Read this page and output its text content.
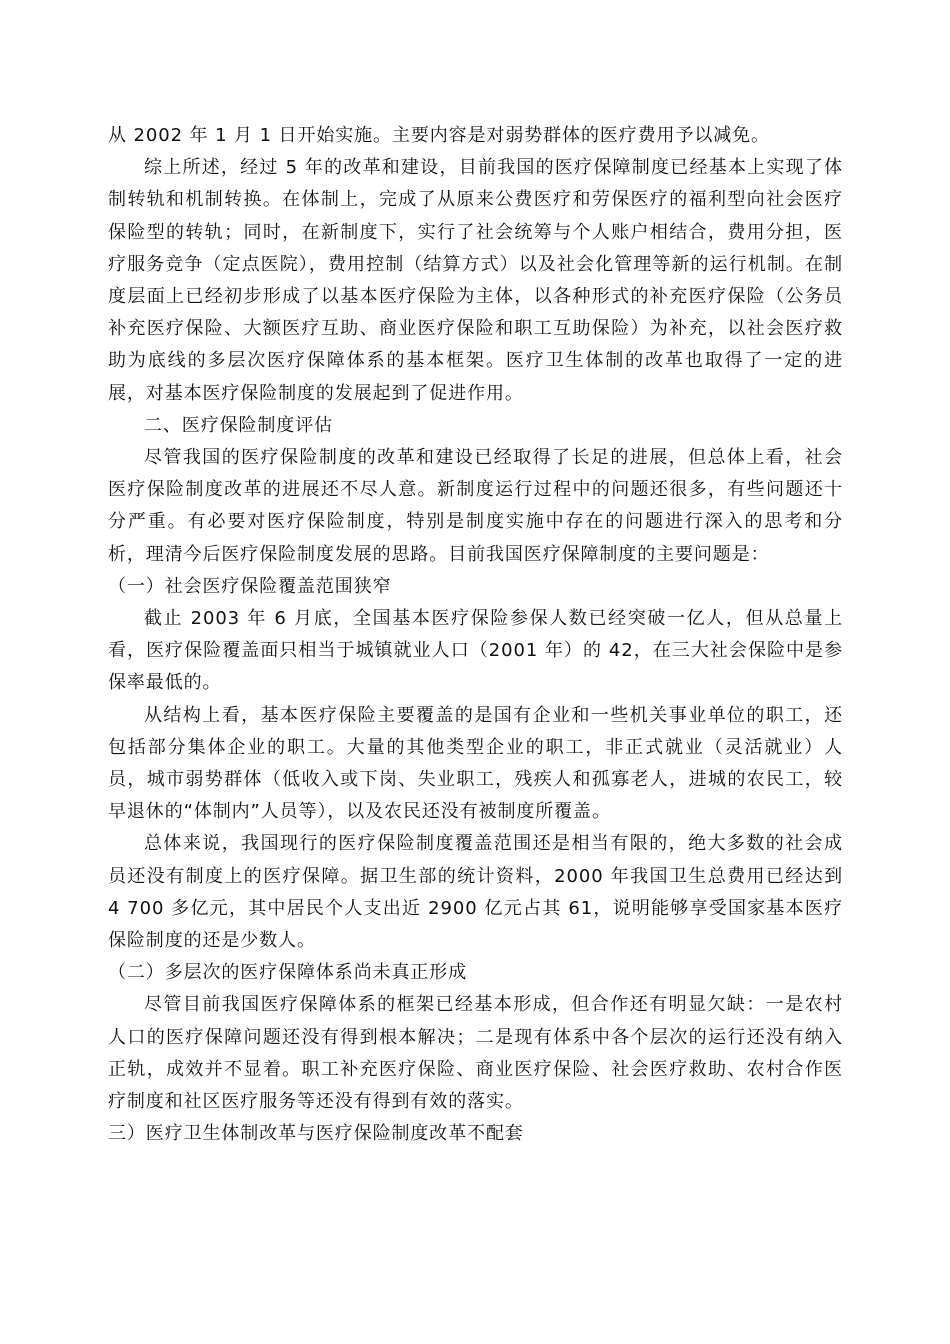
从 2002 年 1 月 1 日开始实施。主要内容是对弱势群体的医疗费用予以减免。

综上所述，经过 5 年的改革和建设，目前我国的医疗保障制度已经基本上实现了体制转轨和机制转换。在体制上，完成了从原来公费医疗和劳保医疗的福利型向社会医疗保险型的转轨；同时，在新制度下，实行了社会统筹与个人账户相结合，费用分担，医疗服务竞争（定点医院），费用控制（结算方式）以及社会化管理等新的运行机制。在制度层面上已经初步形成了以基本医疗保险为主体，以各种形式的补充医疗保险（公务员补充医疗保险、大额医疗互助、商业医疗保险和职工互助保险）为补充，以社会医疗救助为底线的多层次医疗保障体系的基本框架。医疗卫生体制的改革也取得了一定的进展，对基本医疗保险制度的发展起到了促进作用。

二、医疗保险制度评估

尽管我国的医疗保险制度的改革和建设已经取得了长足的进展，但总体上看，社会医疗保险制度改革的进展还不尽人意。新制度运行过程中的问题还很多，有些问题还十分严重。有必要对医疗保险制度，特别是制度实施中存在的问题进行深入的思考和分析，理清今后医疗保险制度发展的思路。目前我国医疗保障制度的主要问题是：

（一）社会医疗保险覆盖范围狭窄

截止 2003 年 6 月底，全国基本医疗保险参保人数已经突破一亿人，但从总量上看，医疗保险覆盖面只相当于城镇就业人口（2001 年）的 42，在三大社会保险中是参保率最低的。

从结构上看，基本医疗保险主要覆盖的是国有企业和一些机关事业单位的职工，还包括部分集体企业的职工。大量的其他类型企业的职工，非正式就业（灵活就业）人员，城市弱势群体（低收入或下岗、失业职工，残疾人和孤寡老人，进城的农民工，较早退休的“体制内”人员等），以及农民还没有被制度所覆盖。

总体来说，我国现行的医疗保险制度覆盖范围还是相当有限的，绝大多数的社会成员还没有制度上的医疗保障。据卫生部的统计资料，2000 年我国卫生总费用已经达到 4 700 多亿元，其中居民个人支出近 2900 亿元占其 61，说明能够享受国家基本医疗保险制度的还是少数人。

（二）多层次的医疗保障体系尚未真正形成

尽管目前我国医疗保障体系的框架已经基本形成，但合作还有明显欠缺：一是农村人口的医疗保障问题还没有得到根本解决；二是现有体系中各个层次的运行还没有纳入正轨，成效并不显着。职工补充医疗保险、商业医疗保险、社会医疗救助、农村合作医疗制度和社区医疗服务等还没有得到有效的落实。

三）医疗卫生体制改革与医疗保险制度改革不配套
